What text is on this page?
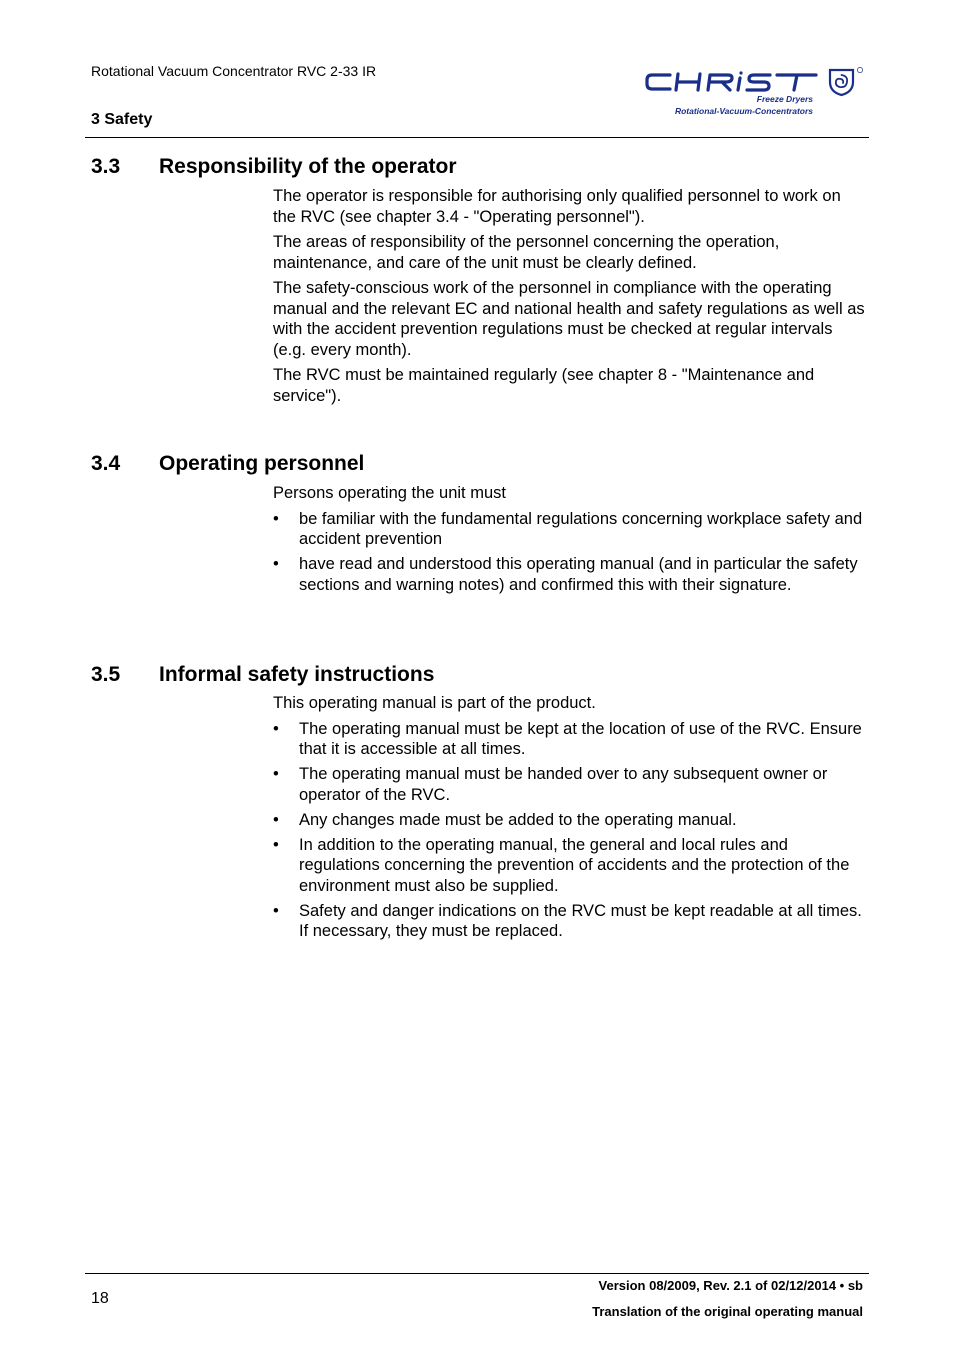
Rotational Vacuum Concentrator RVC 2-33 IR
3 Safety
Freeze Dryers
Rotational-Vacuum-Concentrators
3.3 Responsibility of the operator

The operator is responsible for authorising only qualified personnel to work on the RVC (see chapter 3.4 - "Operating personnel").

The areas of responsibility of the personnel concerning the operation, maintenance, and care of the unit must be clearly defined.

The safety-conscious work of the personnel in compliance with the operating manual and the relevant EC and national health and safety regulations as well as with the accident prevention regulations must be checked at regular intervals (e.g. every month).

The RVC must be maintained regularly (see chapter 8 - "Maintenance and service").

3.4 Operating personnel

Persons operating the unit must

• be familiar with the fundamental regulations concerning workplace safety and accident prevention
• have read and understood this operating manual (and in particular the safety sections and warning notes) and confirmed this with their signature.
3.5 Informal safety instructions

This operating manual is part of the product.

• The operating manual must be kept at the location of use of the RVC. Ensure that it is accessible at all times.
• The operating manual must be handed over to any subsequent owner or operator of the RVC.
• Any changes made must be added to the operating manual.
• In addition to the operating manual, the general and local rules and regulations concerning the prevention of accidents and the protection of the environment must also be supplied.
• Safety and danger indications on the RVC must be kept readable at all times. If necessary, they must be replaced.
18
Version 08/2009, Rev. 2.1 of 02/12/2014 • sb
Translation of the original operating manual
